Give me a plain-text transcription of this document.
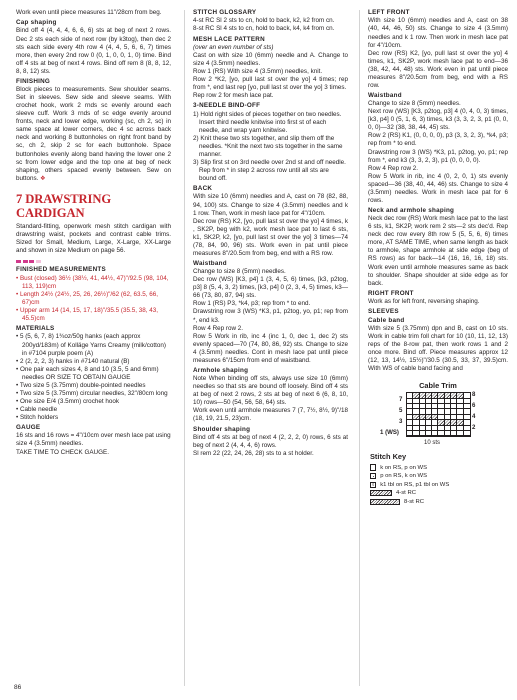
Work even until piece measures 11"/28cm from beg.

Cap shaping

Bind off 4 (4, 4, 4, 6, 6, 6) sts at beg of next 2 rows. Dec 2 sts each side of next row (by k3tog), then dec 2 sts each side every 4th row 4 (4, 4, 5, 6, 6, 7) times more, then every 2nd row 0 (0, 1, 0, 0, 1, 0) time. Bind off 4 sts at beg of next 4 rows. Bind off rem 8 (8, 8, 12, 8, 8, 12) sts.

FINISHING

Block pieces to measurements. Sew shoulder seams. Set in sleeves. Sew side and sleeve seams. With crochet hook, work 2 rnds sc evenly around each sleeve cuff. Work 3 rnds of sc edge evenly around fronts, neck and lower edge, working (sc, ch 2, sc) in same space at lower corners, dec 4 sc across back neck and working 8 buttonholes on right front band by sc, ch 2, skip 2 sc for each buttonhole. Space buttonholes evenly along band having the lower one 2 sc from lower edge and the top one at beg of neck shaping, others spaced evenly between. Sew on buttons. ❖

7 DRAWSTRING CARDIGAN

Standard-fitting, openwork mesh stitch cardigan with drawstring waist, pockets and contrast cable trims. Sized for Small, Medium, Large, X-Large, XX-Large and shown in size Medium on page 56.

FINISHED MEASUREMENTS

• Bust (closed) 36½ (38½, 41, 44½, 47)"/92.5 (98, 104, 113, 119)cm

• Length 24½ (24½, 25, 26, 26½)"/62 (62, 63.5, 66, 67)cm

• Upper arm 14 (14, 15, 17, 18)"/35.5 (35.5, 38, 43, 45.5)cm

MATERIALS

• 5 (5, 6, 7, 8) 1¾oz/50g hanks (each approx 200yd/183m) of Koll​äge Yarns Creamy (milk/cotton) in #7104 purple poem (A)

• 2 (2, 2, 2, 3) hanks in #7140 natural (B)

• One pair each sizes 4, 8 and 10 (3.5, 5 and 6mm) needles OR SIZE TO OBTAIN GAUGE

• Two size 5 (3.75mm) double-pointed needles

• Two size 5 (3.75mm) circular needles, 32"/80cm long

• One size E/4 (3.5mm) crochet hook

• Cable needle

• Stitch holders

GAUGE

16 sts and 16 rows = 4"/10cm over mesh lace pat using size 4 (3.5mm) needles.

TAKE TIME TO CHECK GAUGE.

STITCH GLOSSARY

4-st RC Sl 2 sts to cn, hold to back, k2, k2 from cn.

8-st RC Sl 4 sts to cn, hold to back, k4, k4 from cn.

MESH LACE PATTERN

(over an even number of sts)

Cast on with size 10 (6mm) needle and A. Change to size 4 (3.5mm) needles.

Row 1 (RS) With size 4 (3.5mm) needles, knit.

Row 2 *K2, [yo, pull last st over the yo] 4 times; rep from *, end last rep [yo, pull last st over the yo] 3 times.

Rep row 2 for mesh lace pat.

3-NEEDLE BIND-OFF

1) Hold right sides of pieces together on two needles. Insert third needle knitwise into first st of each needle, and wrap yarn knitwise.

2) Knit these two sts together, and slip them off the needles. *Knit the next two sts together in the same manner.

3) Slip first st on 3rd needle over 2nd st and off needle. Rep from * in step 2 across row until all sts are bound off.

BACK

With size 10 (6mm) needles and A, cast on 78 (82, 88, 94, 100) sts. Change to size 4 (3.5mm) needles and k 1 row. Then, work in mesh lace pat for 4"/10cm.

Dec row (RS) K2, [yo, pull last st over the yo] 4 times, k , SK2P, beg with k2, work mesh lace pat to last 6 sts, k1, SK2P, k2, [yo, pull last st over the yo] 3 times—74 (78, 84, 90, 96) sts. Work even in pat until piece measures 8"/20.5cm from beg, end with a RS row.

Waistband

Change to size 8 (5mm) needles.

Dec row (WS) [K3, p4] 1 (3, 4, 5, 6) times, [k3, p2tog, p3] 8 (5, 4, 3, 2) times, [k3, p4] 0 (2, 3, 4, 5) times, k3—66 (73, 80, 87, 94) sts.

Row 1 (RS) P3, *k4, p3; rep from * to end.

Drawstring row 3 (WS) *K3, p1, p2tog, yo, p1; rep from *, end k3.

Row 4 Rep row 2.

Row 5 Work in rib, inc 4 (inc 1, 0, dec 1, dec 2) sts evenly spaced—70 (74, 80, 86, 92) sts. Change to size 4 (3.5mm) needles. Cont in mesh lace pat until piece measures 6"/15cm from end of waistband.

Armhole shaping

Note When binding off sts, always use size 10 (6mm) needles so that sts are bound off loosely. Bind off 4 sts at beg of next 2 rows, 2 sts at beg of next 6 (6, 8, 10, 10) rows—50 (54, 56, 58, 64) sts.

Work even until armhole measures 7 (7, 7½, 8½, 9)"/18 (18, 19, 21.5, 23)cm.

Shoulder shaping

Bind off 4 sts at beg of next 4 (2, 2, 2, 0) rows, 6 sts at beg of next 2 (4, 4, 4, 6) rows.

Sl rem 22 (22, 24, 26, 28) sts to a st holder.

LEFT FRONT

With size 10 (6mm) needles and A, cast on 38 (40, 44, 46, 50) sts. Change to size 4 (3.5mm) needles and k 1 row. Then work in mesh lace pat for 4"/10cm.

Dec row (RS) K2, [yo, pull last st over the yo] 4 times, k1, SK2P, work mesh lace pat to end—36 (38, 42, 44, 48) sts. Work even in pat until piece measures 8"/20.5cm from beg, end with a RS row.

Waistband

Change to size 8 (5mm) needles.

Next row (WS) [K3, p2tog, p3] 4 (0, 4, 0, 3) times, [k3, p4] 0 (5, 1, 6, 3) times, k3 (3, 3, 2, 3, p1 (0, 0, 0, 0)—32 (38, 38, 44, 45) sts.

Row 2 (RS) K1, (0, 0, 0, 0), p3 (3, 3, 2, 3), *k4, p3; rep from * to end.

Drawstring row 3 (WS) *K3, p1, p2tog, yo, p1; rep from *, end k3 (3, 3, 2, 3), p1 (0, 0, 0, 0).

Row 4 Rep row 2.

Row 5 Work in rib, inc 4 (0, 2, 0, 1) sts evenly spaced—36 (38, 40, 44, 46) sts. Change to size 4 (3.5mm) needles. Work in mesh lace pat for 6 rows.

Neck and armhole shaping

Neck dec row (RS) Work mesh lace pat to the last 6 sts, k1, SK2P, work rem 2 sts—2 sts dec'd. Rep neck dec row every 8th row 5 (5, 5, 6, 6) times more, AT SAME TIME, when same length as back to armhole, shape armhole at side edge (beg of RS rows) as for back—14 (16, 16, 16, 18) sts. Work even until armhole measures same as back to shoulder. Shape shoulder at side edge as for back.

RIGHT FRONT

Work as for left front, reversing shaping.

SLEEVES
Cable band

With size 5 (3.75mm) dpn and B, cast on 10 sts. Work in cable trim foll chart for 10 (10, 11, 12, 13) reps of the 8-row pat, then work rows 1 and 2 once more. Bind off. Piece measures approx 12 (12, 13, 14½, 15½)"/30.5 (30.5, 33, 37, 39.5)cm. With WS of cable band facing and

Cable Trim
8
6
4
2
7
5
3
1 (WS)
10 sts
Stitch Key
k on RS, p on WS
p on RS, k on WS
ℓ	k1 tbl on RS, p1 tbl on WS
4-st RC
8-st RC
86
